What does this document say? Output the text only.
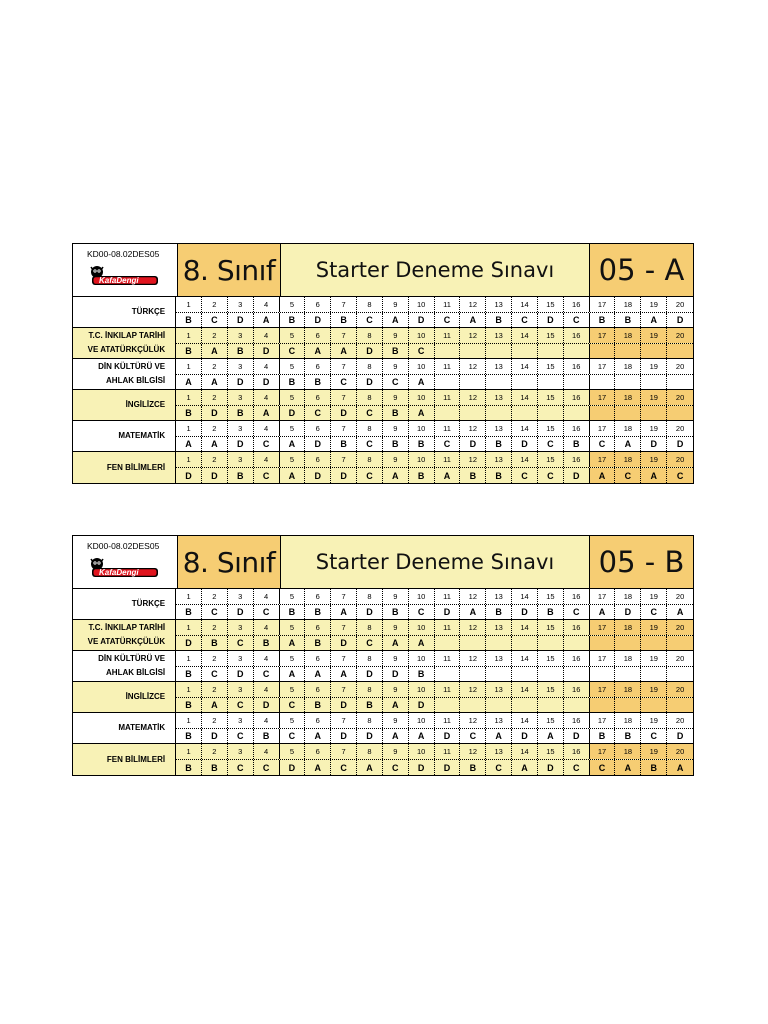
KD00-08.02DES05
KafaDengi 8. Sınıf	Starter Deneme Sınavı	05 - A
TÜRKÇE
1	2	3	4	5	6	7	8	9	10	11	12	13	14	15	16	17	18	19	20
B	C	D	A	B	D	B	C	A	D	C	A	B	C	D	C	B	B	A	D
T.C. İNKILAP TARİHİ
VE ATATÜRKÇÜLÜK
1	2	3	4	5	6	7	8	9	10	11	12	13	14	15	16	17	18	19	20
B	A	B	D	C	A	A	D	B	C
DİN KÜLTÜRÜ VE
AHLAK BİLGİSİ
1	2	3	4	5	6	7	8	9	10	11	12	13	14	15	16	17	18	19	20
A	A	D	D	B	B	C	D	C	A
İNGİLİZCE
1	2	3	4	5	6	7	8	9	10	11	12	13	14	15	16	17	18	19	20
B	D	B	A	D	C	D	C	B	A
MATEMATİK
1	2	3	4	5	6	7	8	9	10	11	12	13	14	15	16	17	18	19	20
A	A	D	C	A	D	B	C	B	B	C	D	B	D	C	B	C	A	D	D
FEN BİLİMLERİ
1	2	3	4	5	6	7	8	9	10	11	12	13	14	15	16	17	18	19	20
D	D	B	C	A	D	D	C	A	B	A	B	B	C	C	D	A	C	A	C
KD00-08.02DES05
KafaDengi 8. Sınıf	Starter Deneme Sınavı	05 - B
TÜRKÇE
1	2	3	4	5	6	7	8	9	10	11	12	13	14	15	16	17	18	19	20
B	C	D	C	B	B	A	D	B	C	D	A	B	D	B	C	A	D	C	A
T.C. İNKILAP TARİHİ
VE ATATÜRKÇÜLÜK
1	2	3	4	5	6	7	8	9	10	11	12	13	14	15	16	17	18	19	20
D	B	C	B	A	B	D	C	A	A
DİN KÜLTÜRÜ VE
AHLAK BİLGİSİ
1	2	3	4	5	6	7	8	9	10	11	12	13	14	15	16	17	18	19	20
B	C	D	C	A	A	A	D	D	B
İNGİLİZCE
1	2	3	4	5	6	7	8	9	10	11	12	13	14	15	16	17	18	19	20
B	A	C	D	C	B	D	B	A	D
MATEMATİK
1	2	3	4	5	6	7	8	9	10	11	12	13	14	15	16	17	18	19	20
B	D	C	B	C	A	D	D	A	A	D	C	A	D	A	D	B	B	C	D
FEN BİLİMLERİ
1	2	3	4	5	6	7	8	9	10	11	12	13	14	15	16	17	18	19	20
B	B	C	C	D	A	C	A	C	D	D	B	C	A	D	C	C	A	B	A
